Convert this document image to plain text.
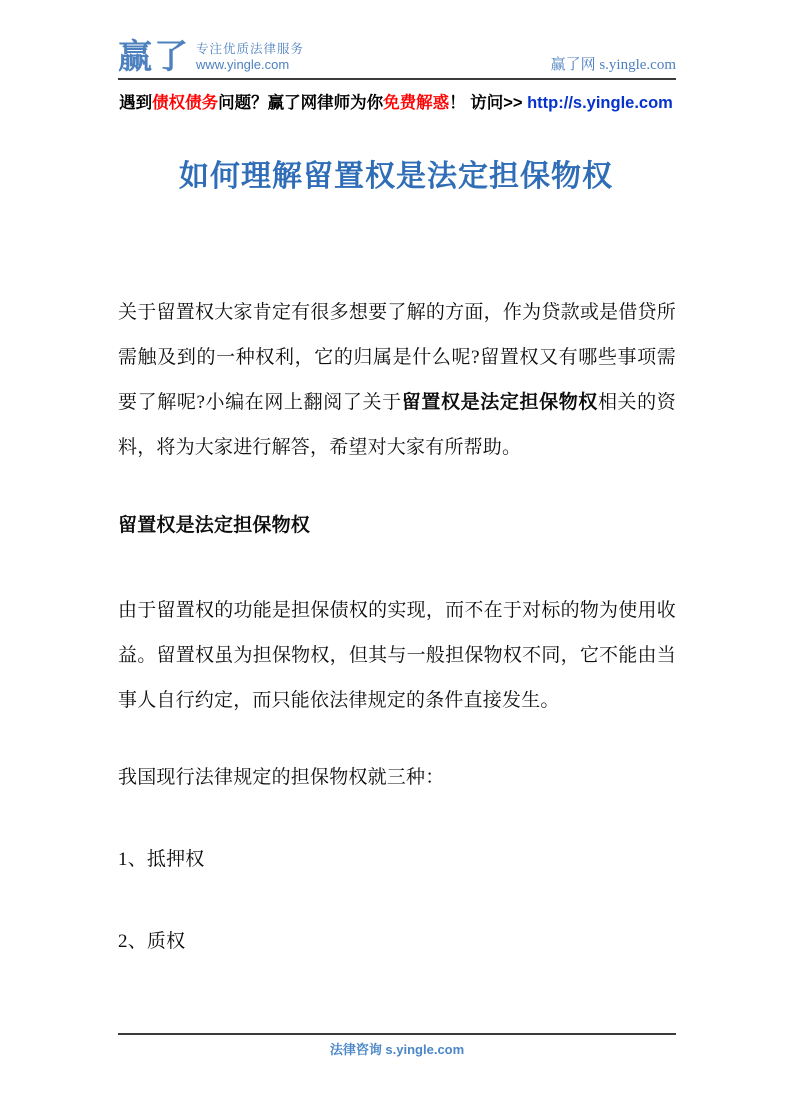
赢了 专注优质法律服务
www.yingle.com	赢了网 s.yingle.com
遇到债权债务问题？赢了网律师为你免费解惑！ 访问>> http://s.yingle.com
如何理解留置权是法定担保物权

关于留置权大家肯定有很多想要了解的方面，作为贷款或是借贷所需触及到的一种权利，它的归属是什么呢?留置权又有哪些事项需要了解呢?小编在网上翻阅了关于留置权是法定担保物权相关的资料，将为大家进行解答，希望对大家有所帮助。

留置权是法定担保物权

由于留置权的功能是担保债权的实现，而不在于对标的物为使用收益。留置权虽为担保物权，但其与一般担保物权不同，它不能由当事人自行约定，而只能依法律规定的条件直接发生。

我国现行法律规定的担保物权就三种：

1、抵押权

2、质权

法律咨询 s.yingle.com
